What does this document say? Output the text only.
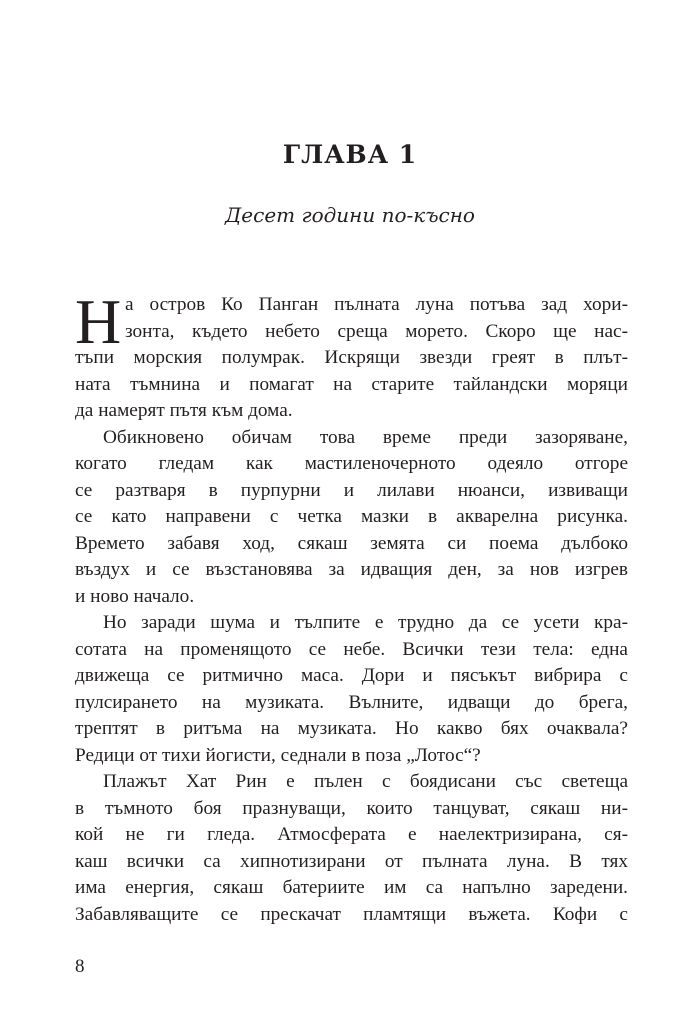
ГЛАВА 1
Десет години по-късно
Н а остров Ко Панган пълната луна потъва зад хори-
зонта, където небето среща морето. Скоро ще нас-
тъпи морския полумрак. Искрящи звезди греят в плът-
ната тъмнина и помагат на старите тайландски моряци
да намерят пътя към дома.
Обикновено обичам това време преди зазоряване,
когато гледам как мастиленочерното одеяло отгоре
се разтваря в пурпурни и лилави нюанси, извиващи
се като направени с четка мазки в акварелна рисунка.
Времето забавя ход, сякаш земята си поема дълбоко
въздух и се възстановява за идващия ден, за нов изгрев
и ново начало.
Но заради шума и тълпите е трудно да се усети кра-
сотата на променящото се небе. Всички тези тела: една
движеща се ритмично маса. Дори и пясъкът вибрира с
пулсирането на музиката. Вълните, идващи до брега,
трептят в ритъма на музиката. Но какво бях очаквала?
Редици от тихи йогисти, седнали в поза „Лотос“?
Плажът Хат Рин е пълен с боядисани със светеща
в тъмното боя празнуващи, които танцуват, сякаш ни-
кой не ги гледа. Атмосферата е наелектризирана, ся-
каш всички са хипнотизирани от пълната луна. В тях
има енергия, сякаш батериите им са напълно заредени.
Забавляващите се прескачат пламтящи въжета. Кофи с
8
